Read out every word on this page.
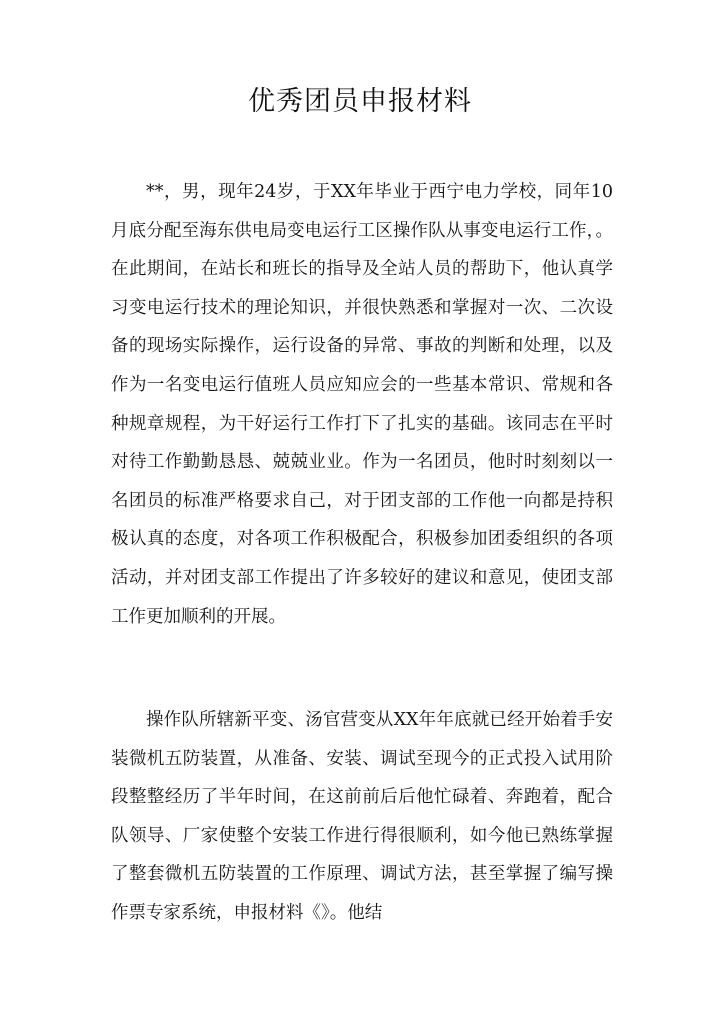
优秀团员申报材料

**，男，现年24岁，于XX年毕业于西宁电力学校，同年10月底分配至海东供电局变电运行工区操作队从事变电运行工作，。在此期间，在站长和班长的指导及全站人员的帮助下，他认真学习变电运行技术的理论知识，并很快熟悉和掌握对一次、二次设备的现场实际操作，运行设备的异常、事故的判断和处理，以及作为一名变电运行值班人员应知应会的一些基本常识、常规和各种规章规程，为干好运行工作打下了扎实的基础。该同志在平时对待工作勤勤恳恳、兢兢业业。作为一名团员，他时时刻刻以一名团员的标准严格要求自己，对于团支部的工作他一向都是持积极认真的态度，对各项工作积极配合，积极参加团委组织的各项活动，并对团支部工作提出了许多较好的建议和意见，使团支部工作更加顺利的开展。

操作队所辖新平变、汤官营变从XX年年底就已经开始着手安装微机五防装置，从准备、安装、调试至现今的正式投入试用阶段整整经历了半年时间，在这前前后后他忙碌着、奔跑着，配合队领导、厂家使整个安装工作进行得很顺利，如今他已熟练掌握了整套微机五防装置的工作原理、调试方法，甚至掌握了编写操作票专家系统，申报材料《》。他结
